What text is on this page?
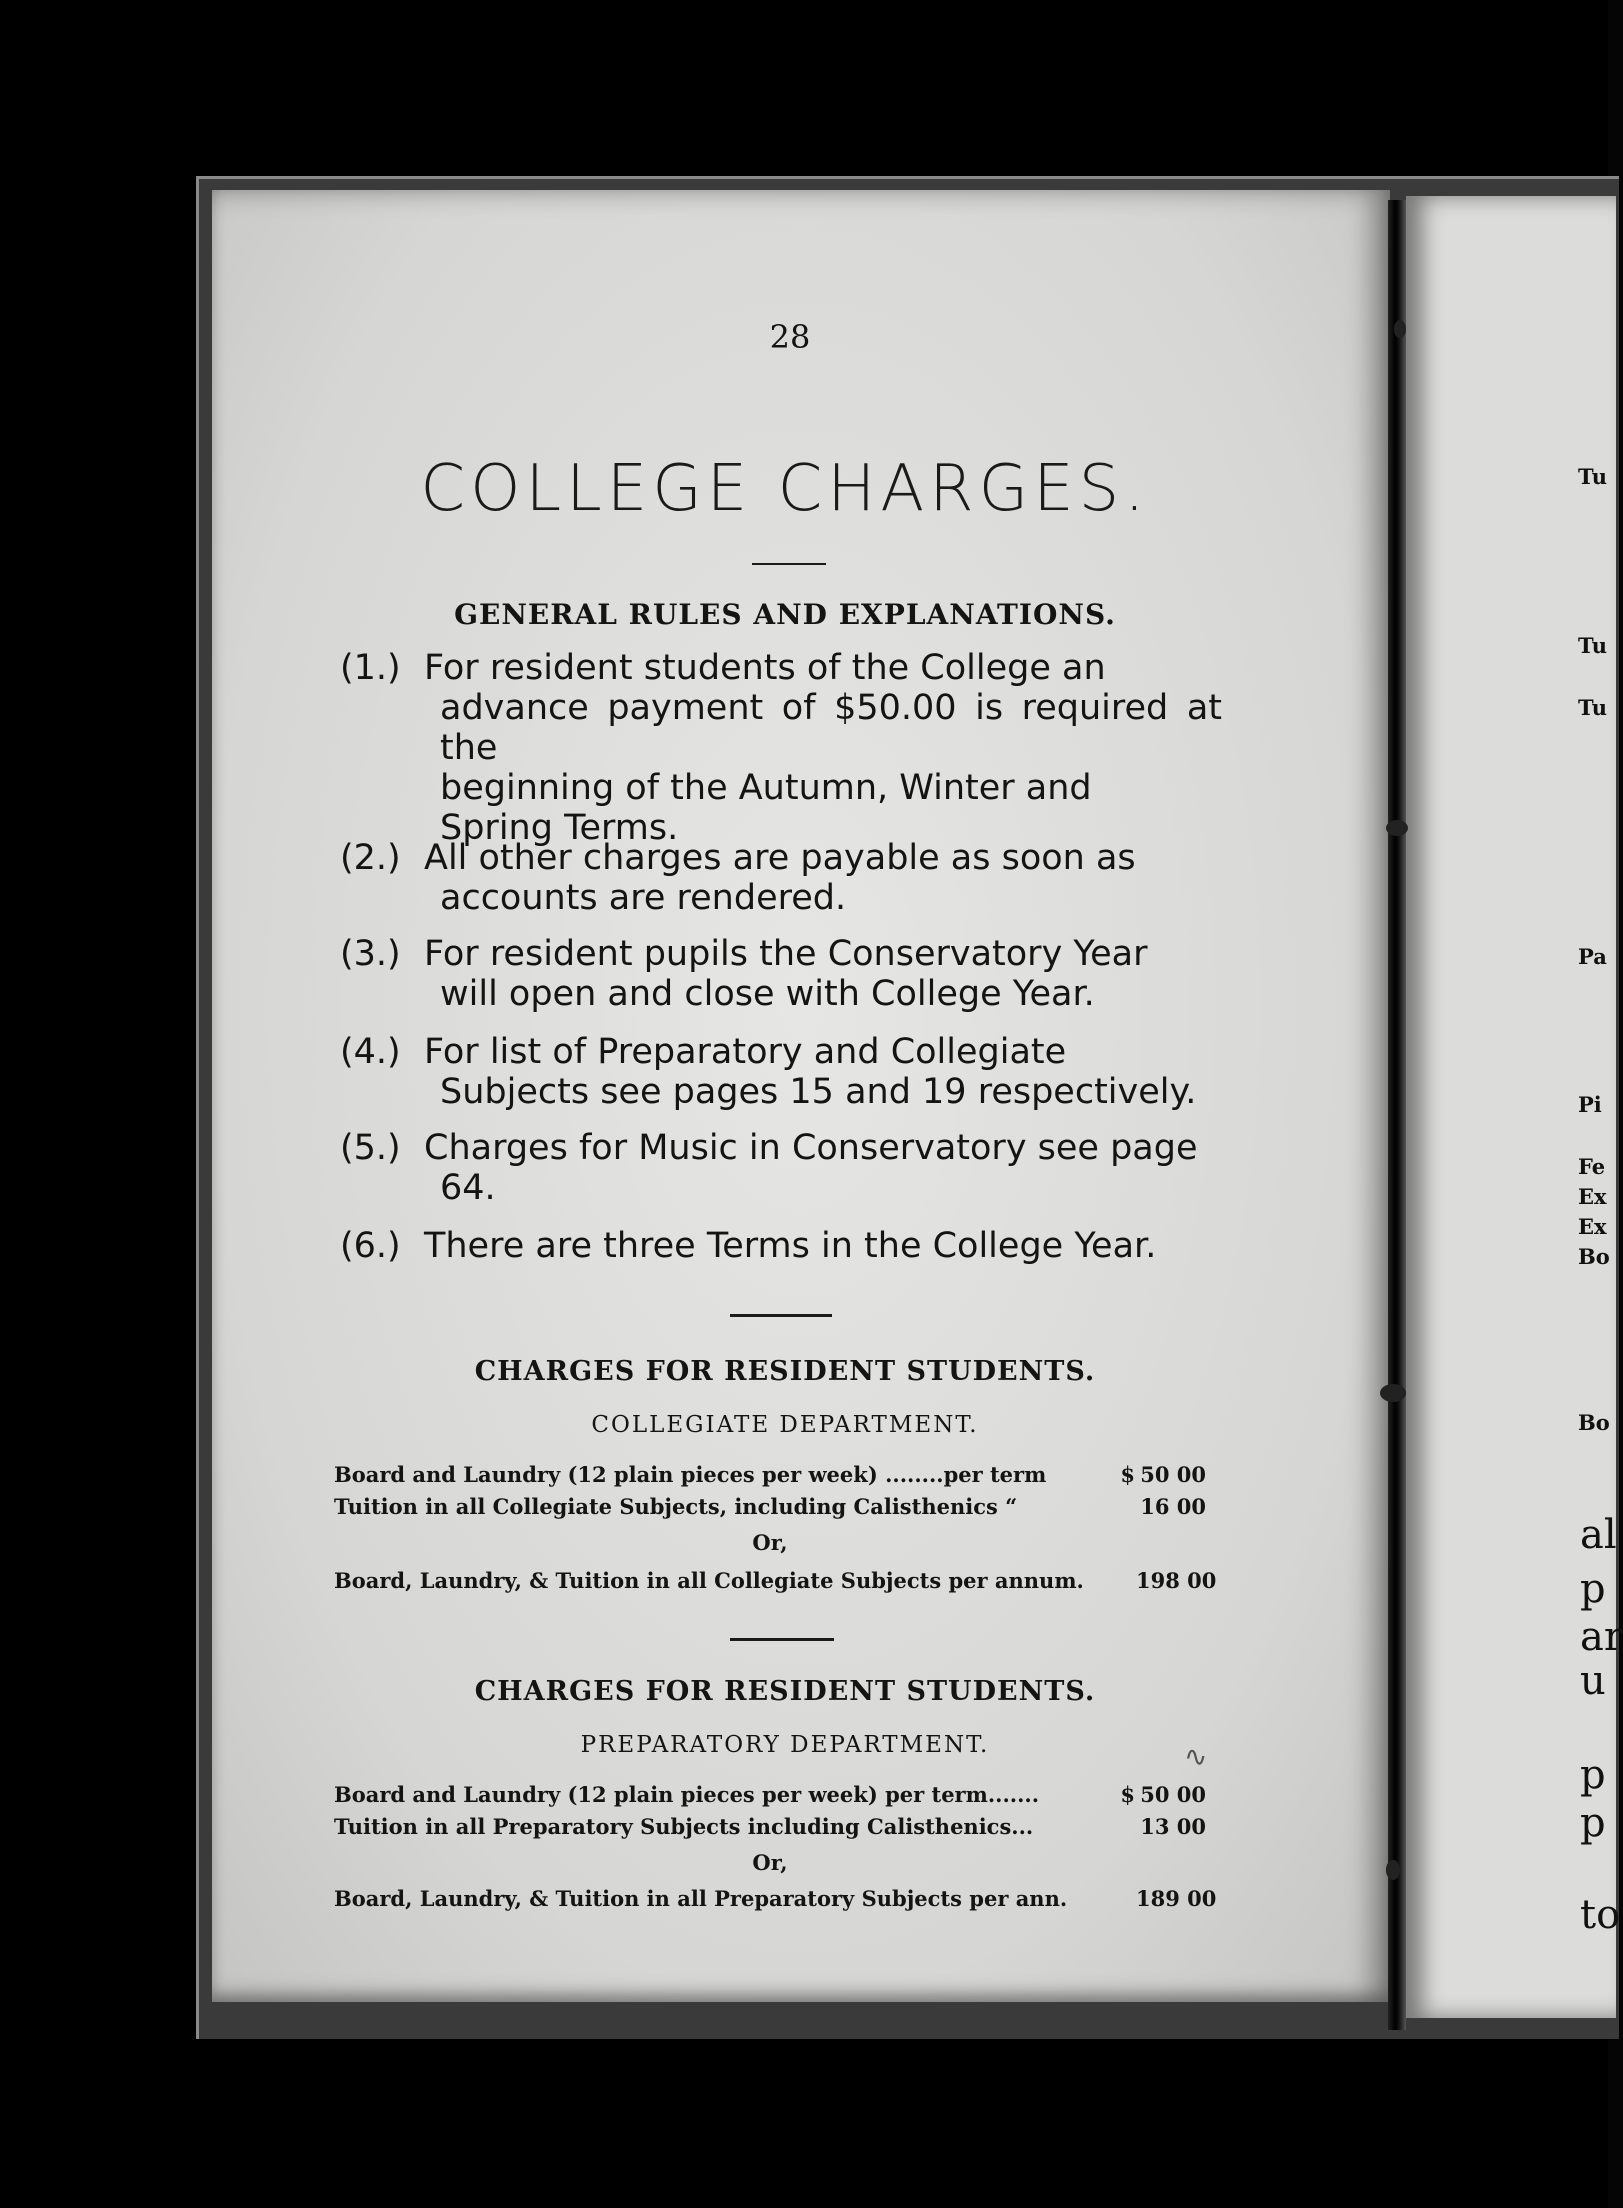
Tu
Tu
Tu
Pa
Pi
Fe
Ex
Ex
Bo
Bo
al
p
ar
u
p
p
to
28
COLLEGE CHARGES.
GENERAL RULES AND EXPLANATIONS.
(1.) For resident students of the College an
advance payment of $50.00 is required at the
beginning of the Autumn, Winter and
Spring Terms.
(2.) All other charges are payable as soon as
accounts are rendered.
(3.) For resident pupils the Conservatory Year
will open and close with College Year.
(4.) For list of Preparatory and Collegiate
Subjects see pages 15 and 19 respectively.
(5.) Charges for Music in Conservatory see page
64.
(6.) There are three Terms in the College Year.
CHARGES FOR RESIDENT STUDENTS.
COLLEGIATE DEPARTMENT.
Board and Laundry (12 plain pieces per week) ........per term	$ 50 00
Tuition in all Collegiate Subjects, including Calisthenics “	16 00
Or,
Board, Laundry, & Tuition in all Collegiate Subjects per annum. 198 00
CHARGES FOR RESIDENT STUDENTS.
PREPARATORY DEPARTMENT.	∿
Board and Laundry (12 plain pieces per week) per term.......	$ 50 00
Tuition in all Preparatory Subjects including Calisthenics...	13 00
Or,
Board, Laundry, & Tuition in all Preparatory Subjects per ann.	189 00
